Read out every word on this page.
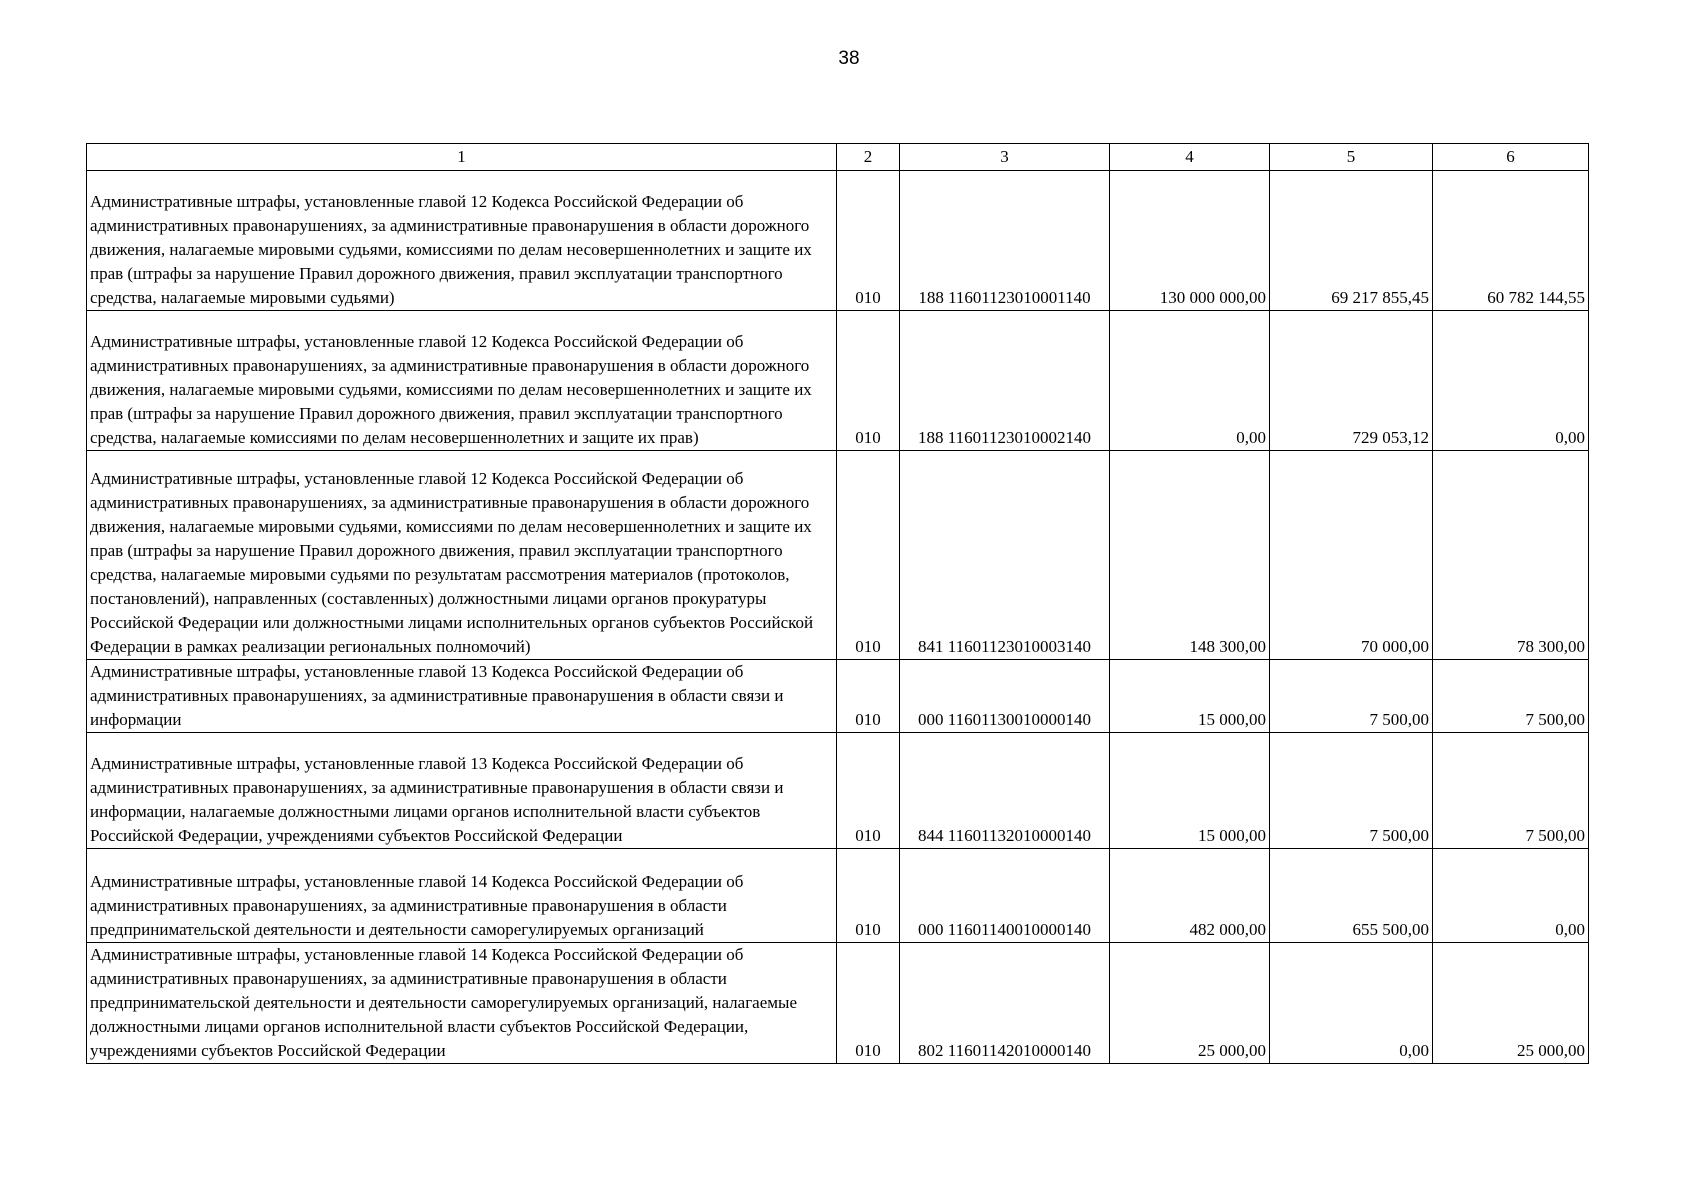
38
1	2	3	4	5	6
Административные штрафы, установленные главой 12 Кодекса Российской Федерации об административных правонарушениях, за административные правонарушения в области дорожного движения, налагаемые мировыми судьями, комиссиями по делам несовершеннолетних и защите их прав (штрафы за нарушение Правил дорожного движения, правил эксплуатации транспортного средства, налагаемые мировыми судьями)	010	188 11601123010001140	130 000 000,00	69 217 855,45	60 782 144,55
Административные штрафы, установленные главой 12 Кодекса Российской Федерации об административных правонарушениях, за административные правонарушения в области дорожного движения, налагаемые мировыми судьями, комиссиями по делам несовершеннолетних и защите их прав (штрафы за нарушение Правил дорожного движения, правил эксплуатации транспортного средства, налагаемые комиссиями по делам несовершеннолетних и защите их прав)	010	188 11601123010002140	0,00	729 053,12	0,00
Административные штрафы, установленные главой 12 Кодекса Российской Федерации об административных правонарушениях, за административные правонарушения в области дорожного движения, налагаемые мировыми судьями, комиссиями по делам несовершеннолетних и защите их прав (штрафы за нарушение Правил дорожного движения, правил эксплуатации транспортного средства, налагаемые мировыми судьями по результатам рассмотрения материалов (протоколов, постановлений), направленных (составленных) должностными лицами органов прокуратуры Российской Федерации или должностными лицами исполнительных органов субъектов Российской Федерации в рамках реализации региональных полномочий)	010	841 11601123010003140	148 300,00	70 000,00	78 300,00
Административные штрафы, установленные главой 13 Кодекса Российской Федерации об административных правонарушениях, за административные правонарушения в области связи и информации	010	000 11601130010000140	15 000,00	7 500,00	7 500,00
Административные штрафы, установленные главой 13 Кодекса Российской Федерации об административных правонарушениях, за административные правонарушения в области связи и информации, налагаемые должностными лицами органов исполнительной власти субъектов Российской Федерации, учреждениями субъектов Российской Федерации	010	844 11601132010000140	15 000,00	7 500,00	7 500,00
Административные штрафы, установленные главой 14 Кодекса Российской Федерации об административных правонарушениях, за административные правонарушения в области предпринимательской деятельности и деятельности саморегулируемых организаций	010	000 11601140010000140	482 000,00	655 500,00	0,00
Административные штрафы, установленные главой 14 Кодекса Российской Федерации об административных правонарушениях, за административные правонарушения в области предпринимательской деятельности и деятельности саморегулируемых организаций, налагаемые должностными лицами органов исполнительной власти субъектов Российской Федерации, учреждениями субъектов Российской Федерации	010	802 11601142010000140	25 000,00	0,00	25 000,00
